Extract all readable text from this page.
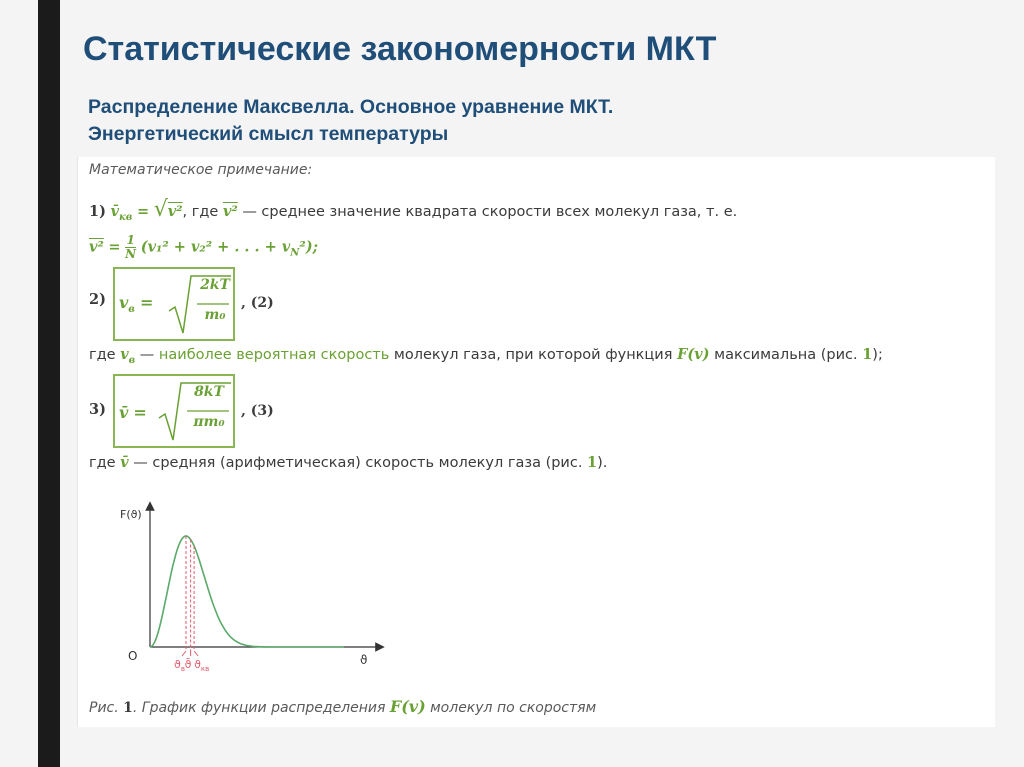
Статистические закономерности МКТ
Распределение Максвелла. Основное уравнение МКТ.
Энергетический смысл температуры
Математическое примечание:
1) $v̄_{кв} = √v^2$, где v² — среднее значение квадрата скорости всех молекул газа, т. е.
$v^2 = \frac{1}{N} (v_1^2 + v_2^2$ + . . . + $v_N^2$);
2) $v_в$ =
2kT
m₀
, (2)
где $v_в$ — наиболее вероятная скорость молекул газа, при которой функция F(v) максимальна (рис. 1);
3) v̄ =
8kT
πm₀
, (3)
где v̄ — средняя (арифметическая) скорость молекул газа (рис. 1).
F(ϑ)
O	ϑ
$ϑ_в$ ϑ̄ $ϑ_{кв}$
Рис. 1. График функции распределения F(v) молекул по скоростям
